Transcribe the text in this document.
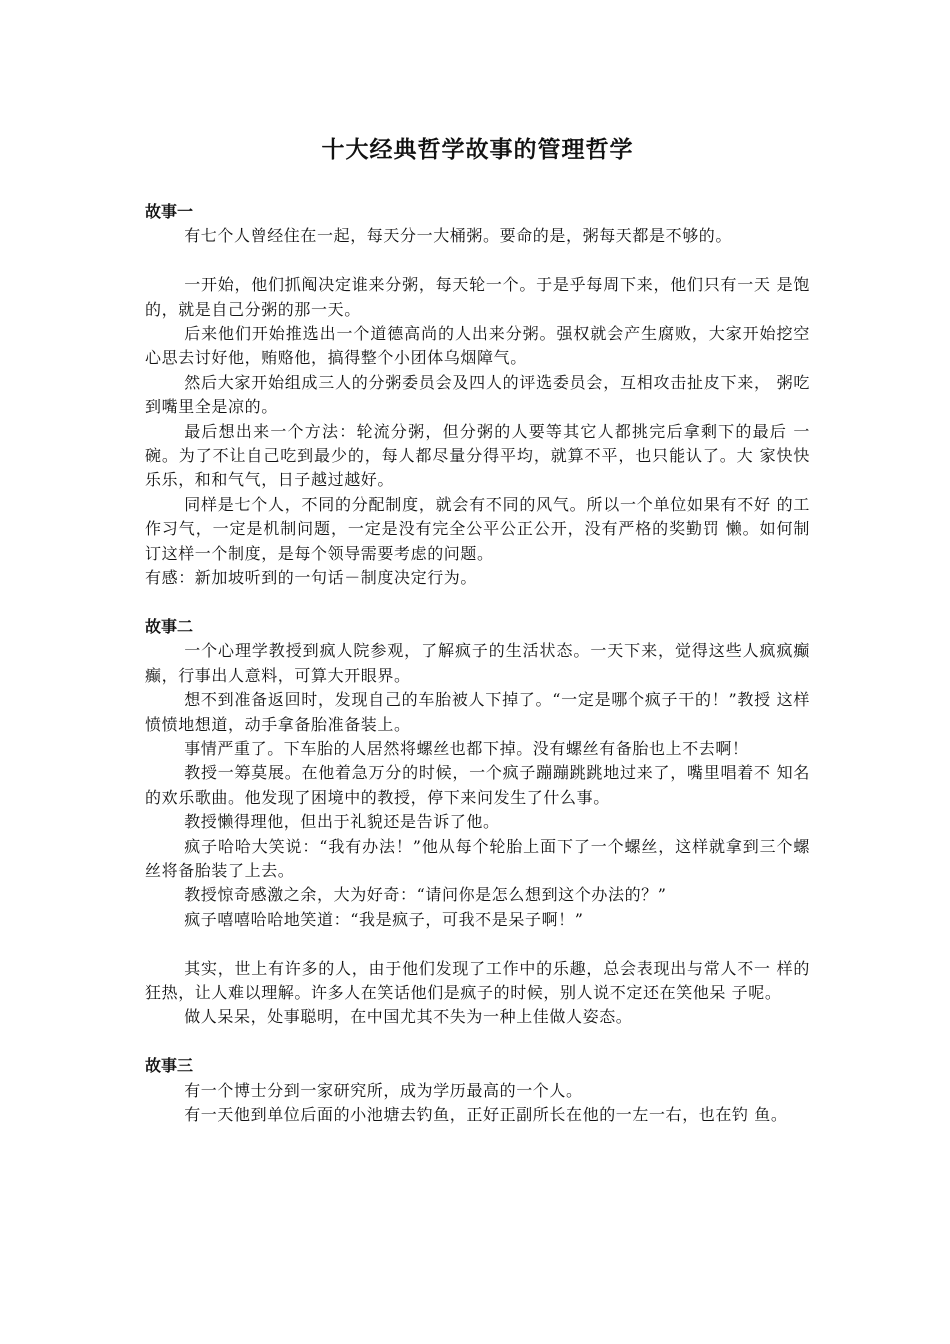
十大经典哲学故事的管理哲学

故事一

有七个人曾经住在一起，每天分一大桶粥。要命的是，粥每天都是不够的。

一开始，他们抓阄决定谁来分粥，每天轮一个。于是乎每周下来，他们只有一天 是饱的，就是自己分粥的那一天。

后来他们开始推选出一个道德高尚的人出来分粥。强权就会产生腐败，大家开始挖空心思去讨好他，贿赂他，搞得整个小团体乌烟障气。

然后大家开始组成三人的分粥委员会及四人的评选委员会，互相攻击扯皮下来， 粥吃到嘴里全是凉的。

最后想出来一个方法：轮流分粥，但分粥的人要等其它人都挑完后拿剩下的最后 一碗。为了不让自己吃到最少的，每人都尽量分得平均，就算不平，也只能认了。大 家快快乐乐，和和气气，日子越过越好。

同样是七个人，不同的分配制度，就会有不同的风气。所以一个单位如果有不好 的工作习气，一定是机制问题，一定是没有完全公平公正公开，没有严格的奖勤罚 懒。如何制订这样一个制度，是每个领导需要考虑的问题。

有感：新加坡听到的一句话－制度决定行为。

故事二

一个心理学教授到疯人院参观，了解疯子的生活状态。一天下来，觉得这些人疯疯癫癫，行事出人意料，可算大开眼界。

想不到准备返回时，发现自己的车胎被人下掉了。“一定是哪个疯子干的！”教授 这样愤愤地想道，动手拿备胎准备装上。

事情严重了。下车胎的人居然将螺丝也都下掉。没有螺丝有备胎也上不去啊！

教授一筹莫展。在他着急万分的时候，一个疯子蹦蹦跳跳地过来了，嘴里唱着不 知名的欢乐歌曲。他发现了困境中的教授，停下来问发生了什么事。

教授懒得理他，但出于礼貌还是告诉了他。

疯子哈哈大笑说：“我有办法！”他从每个轮胎上面下了一个螺丝，这样就拿到三个螺丝将备胎装了上去。

教授惊奇感激之余，大为好奇：“请问你是怎么想到这个办法的？”

疯子嘻嘻哈哈地笑道：“我是疯子，可我不是呆子啊！”

其实，世上有许多的人，由于他们发现了工作中的乐趣，总会表现出与常人不一 样的狂热，让人难以理解。许多人在笑话他们是疯子的时候，别人说不定还在笑他呆 子呢。

做人呆呆，处事聪明，在中国尤其不失为一种上佳做人姿态。

故事三

有一个博士分到一家研究所，成为学历最高的一个人。

有一天他到单位后面的小池塘去钓鱼，正好正副所长在他的一左一右，也在钓 鱼。
